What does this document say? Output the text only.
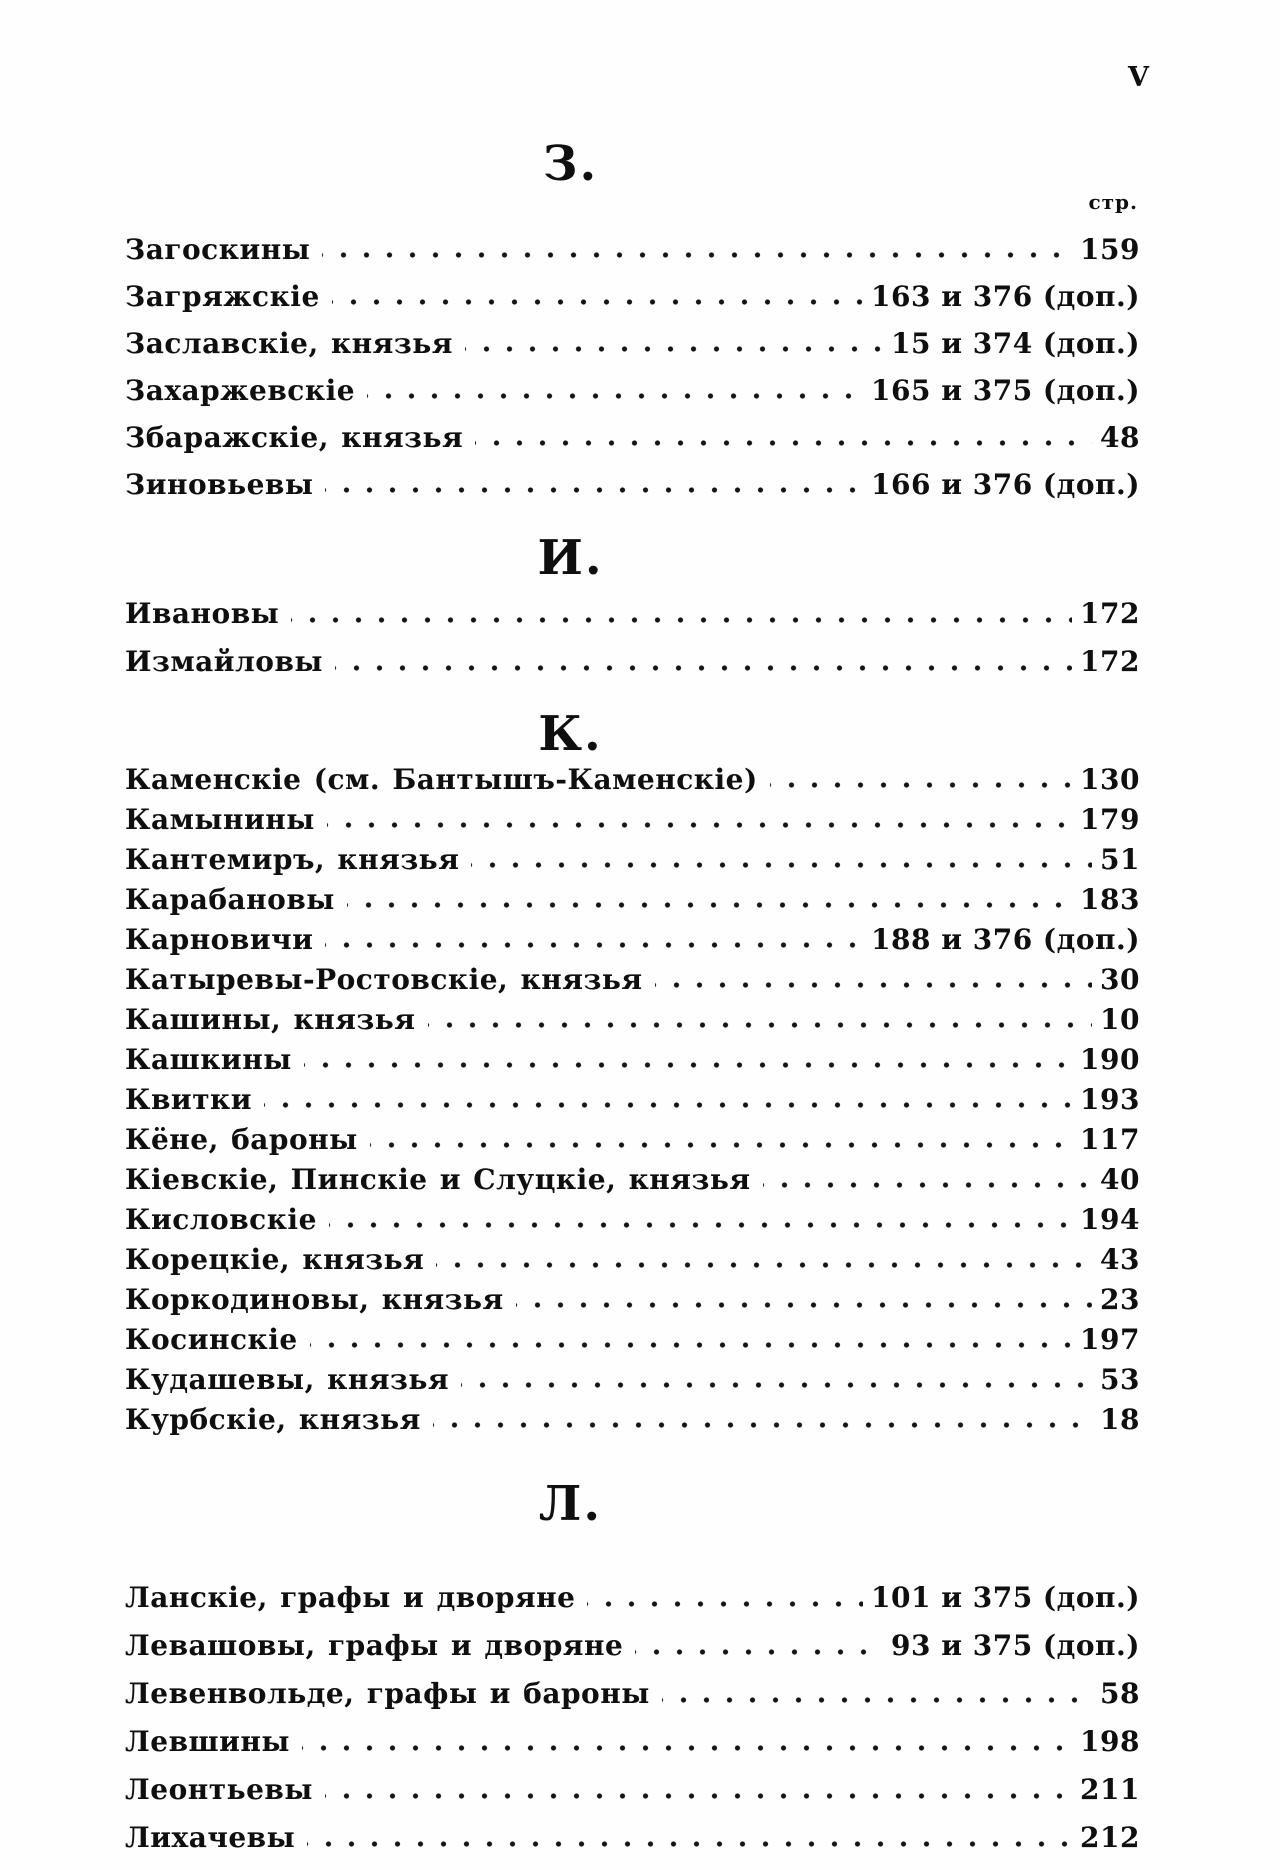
V
З.
стр.
Загоскины	159
Загряжскіе	163 и 376 (доп.)
Заславскіе, князья	15 и 374 (доп.)
Захаржевскіе	165 и 375 (доп.)
Збаражскіе, князья	48
Зиновьевы	166 и 376 (доп.)
И.
Ивановы	172
Измайловы	172
К.
Каменскіе (см. Бантышъ-Каменскіе)	130
Камынины	179
Кантемиръ, князья	51
Карабановы	183
Карновичи	188 и 376 (доп.)
Катыревы-Ростовскіе, князья	30
Кашины, князья	10
Кашкины	190
Квитки	193
Кёне, бароны	117
Кіевскіе, Пинскіе и Слуцкіе, князья	40
Кисловскіе	194
Корецкіе, князья	43
Коркодиновы, князья	23
Косинскіе	197
Кудашевы, князья	53
Курбскіе, князья	18
Л.
Ланскіе, графы и дворяне	101 и 375 (доп.)
Левашовы, графы и дворяне	93 и 375 (доп.)
Левенвольде, графы и бароны	58
Левшины	198
Леонтьевы	211
Лихачевы	212
